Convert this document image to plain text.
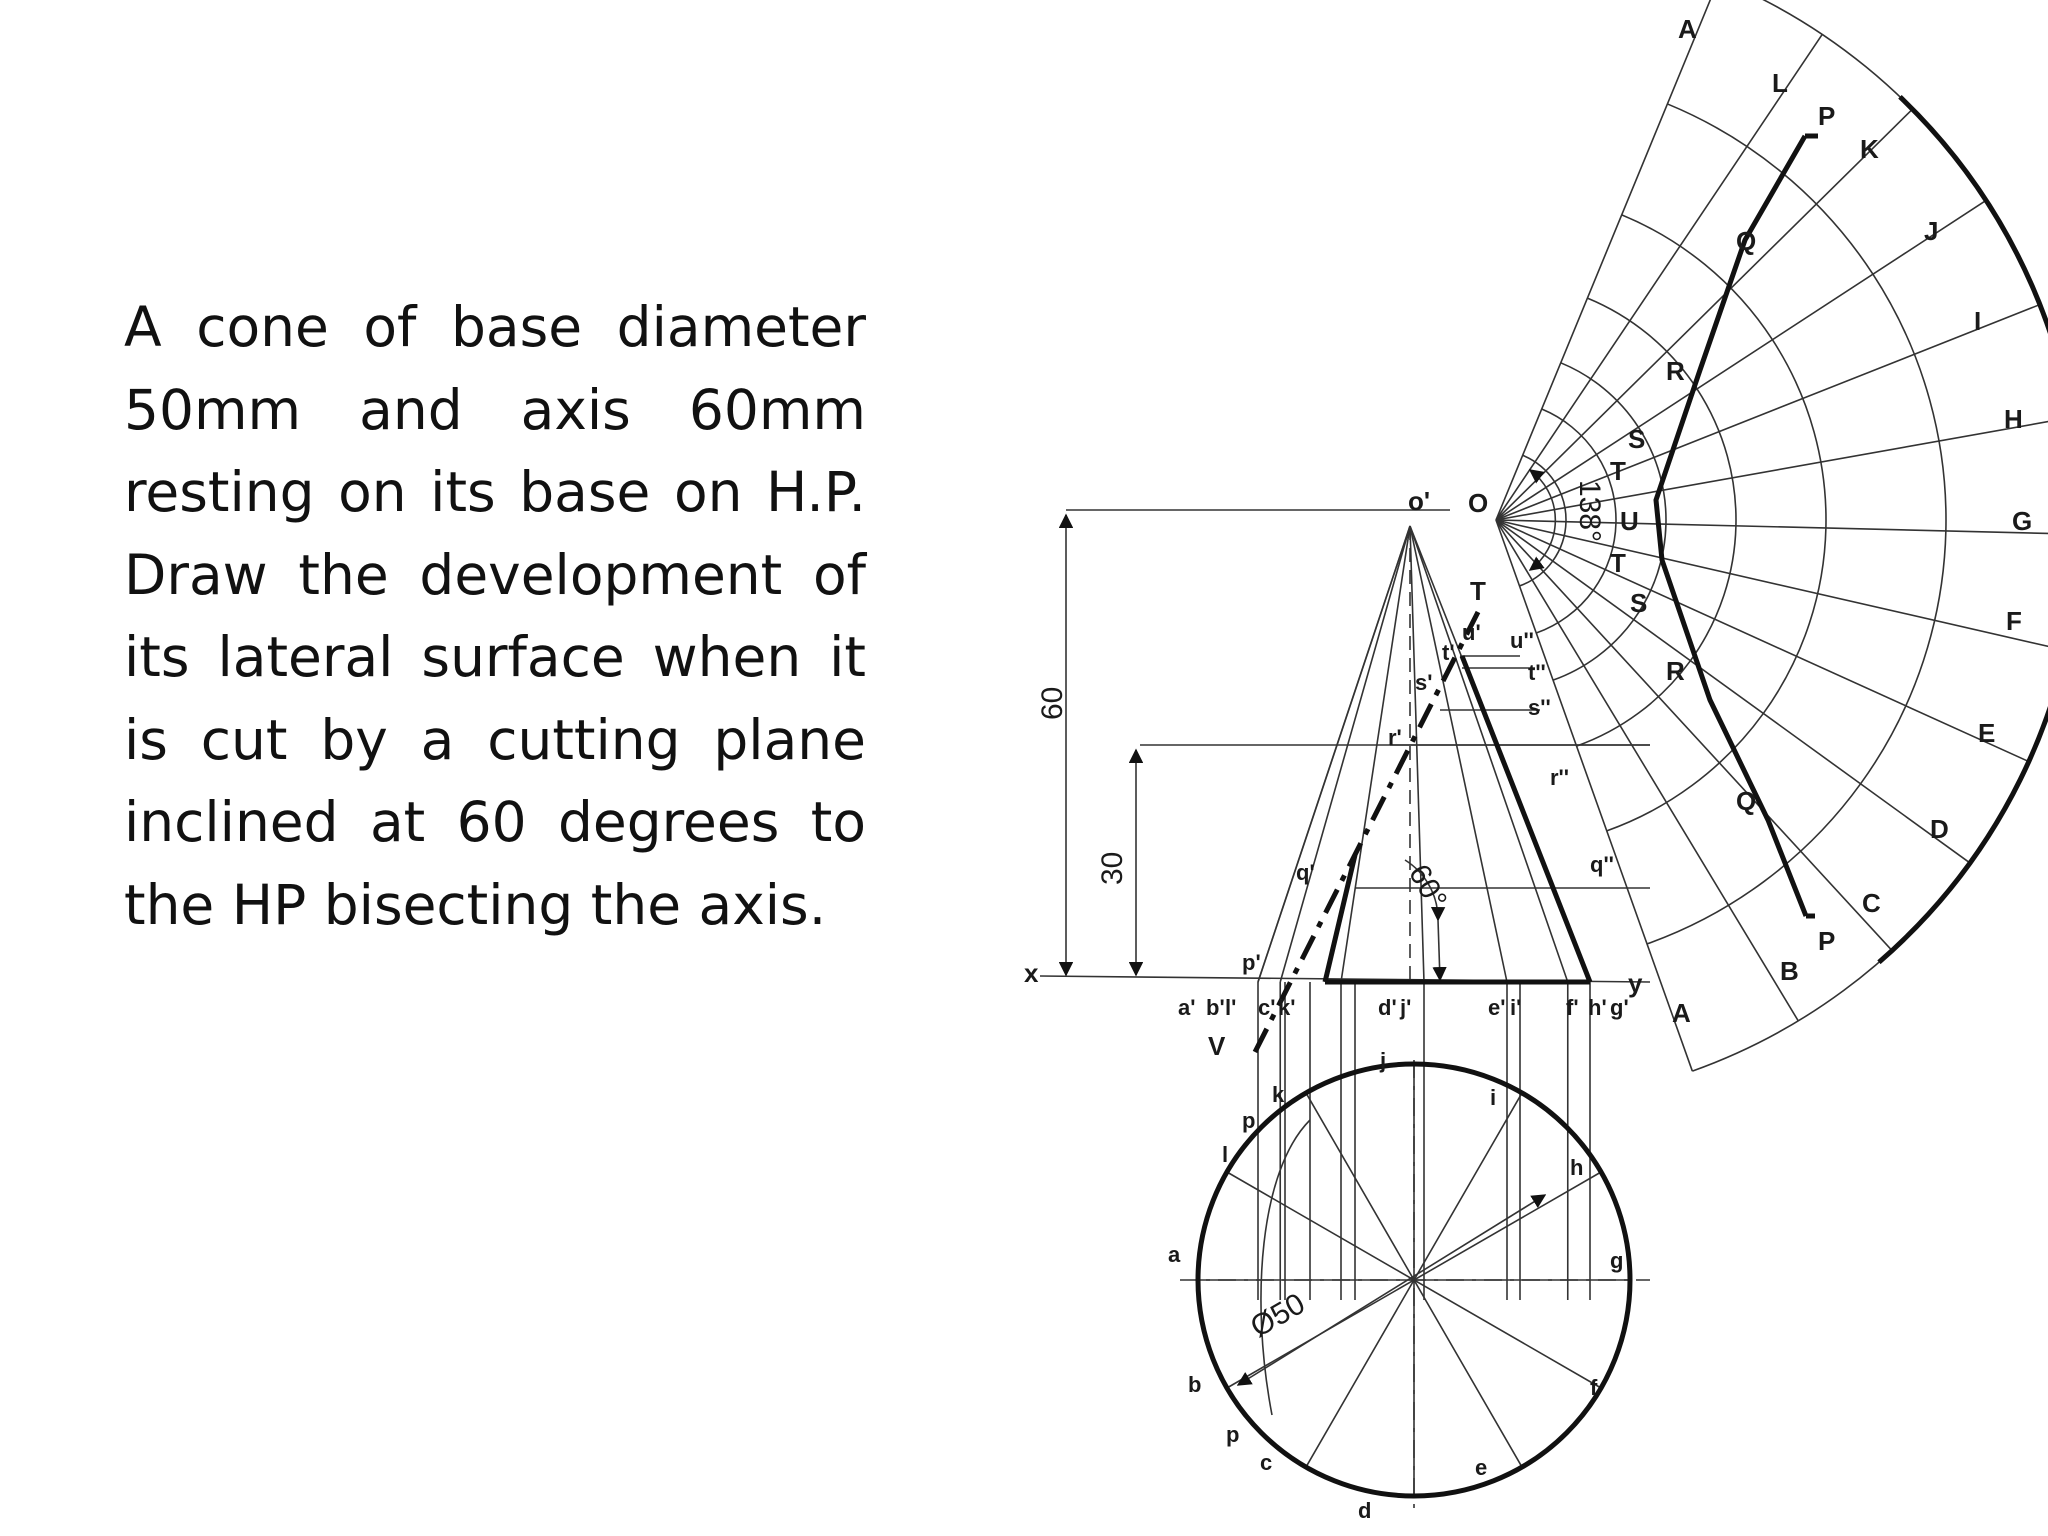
A cone of base diameter 50mm and axis 60mm resting on its base on H.P. Draw the development of its lateral surface when it is cut by a cutting plane inclined at 60 degrees to the HP bisecting the axis.

o' O
T
V
x	y
60
30	60°
138°
Ø50
a' b' l' c' k'	d' j'	e' i' f' h' g'
p'
q'
r'
s'
t'
u' u''
t''
s''
r''
q''
a
b
c
d
e
f
g
h
i
j
k
l
p
p
A
L
K
J
I
H
G
F
E
D
C
B
A
P
Q
R
S
T
U
T
S
R
Q
P
